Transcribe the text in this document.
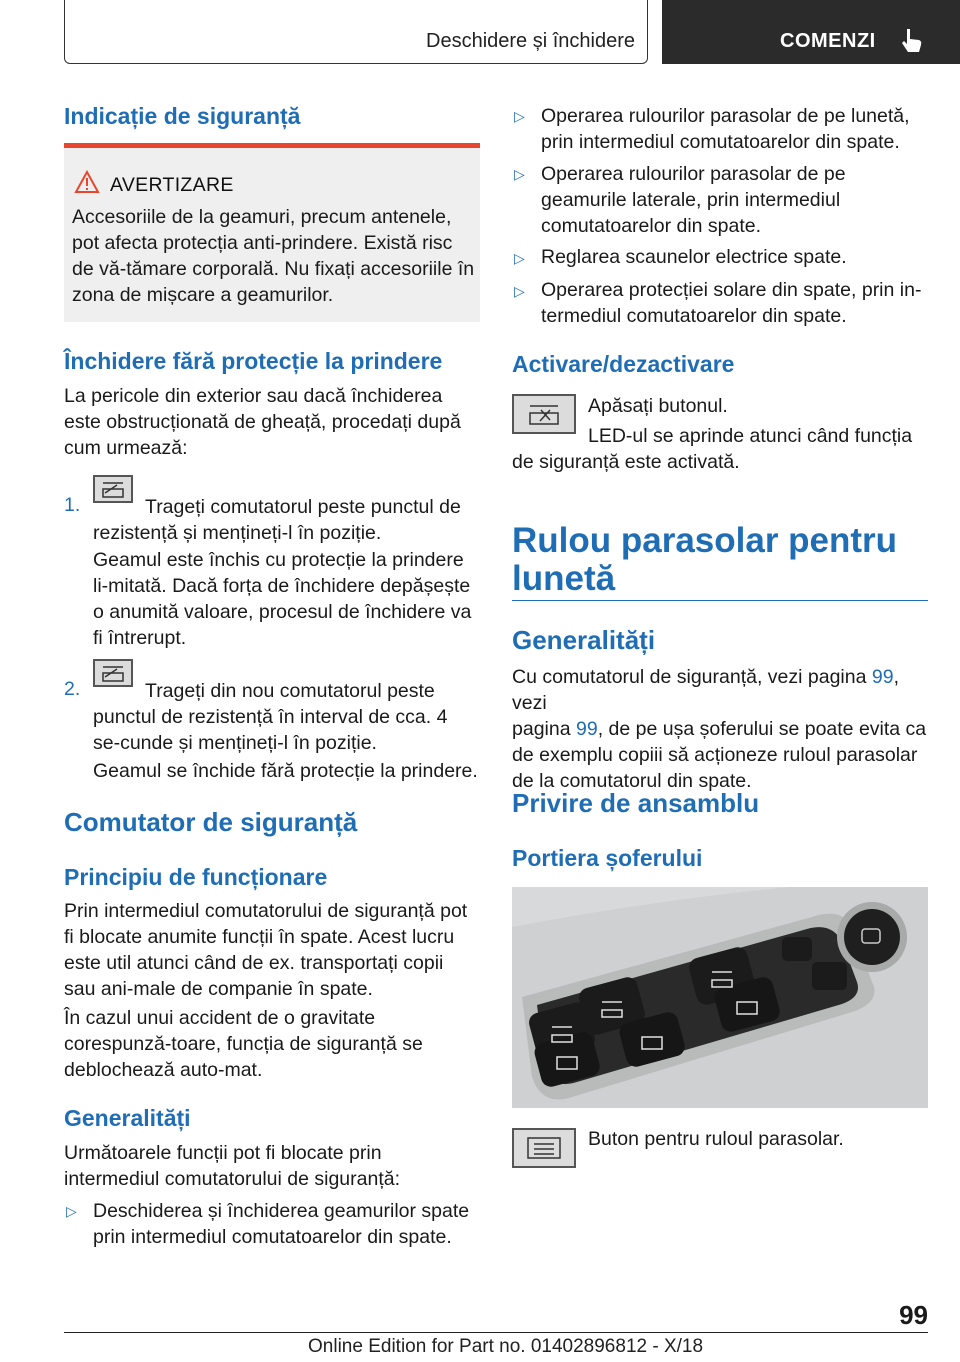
Deschidere și închidere	COMENZI
Indicație de siguranță
AVERTIZARE
Accesoriile de la geamuri, precum antenele, pot afecta protecția anti-prindere. Există risc de vă-tămare corporală. Nu fixați accesoriile în zona de mișcare a geamurilor.
Închidere fără protecție la prindere
La pericole din exterior sau dacă închiderea este obstrucționată de gheață, procedați după cum urmează:
1.	Trageți comutatorul peste punctul de
rezistență și mențineți-l în poziție.
Geamul este închis cu protecție la prindere li-mitată. Dacă forța de închidere depășește o anumită valoare, procesul de închidere va fi întrerupt.
2.	Trageți din nou comutatorul peste
punctul de rezistență în interval de cca. 4 se-cunde și mențineți-l în poziție.
Geamul se închide fără protecție la prindere.
Comutator de siguranță
Principiu de funcționare
Prin intermediul comutatorului de siguranță pot fi blocate anumite funcții în spate. Acest lucru este util atunci când de ex. transportați copii sau ani-male de companie în spate.
În cazul unui accident de o gravitate corespunză-toare, funcția de siguranță se deblochează auto-mat.
Generalități
Următoarele funcții pot fi blocate prin intermediul comutatorului de siguranță:
▷ Deschiderea și închiderea geamurilor spate prin intermediul comutatoarelor din spate.
▷ Operarea rulourilor parasolar de pe lunetă, prin intermediul comutatoarelor din spate.
▷ Operarea rulourilor parasolar de pe geamurile laterale, prin intermediul comutatoarelor din spate.
▷ Reglarea scaunelor electrice spate.
▷ Operarea protecției solare din spate, prin in-termediul comutatoarelor din spate.
Activare/dezactivare
Apăsați butonul.
LED-ul se aprinde atunci când funcția
de siguranță este activată.
Rulou parasolar pentru lunetă
Generalități
Cu comutatorul de siguranță, vezi pagina 99, vezi
pagina 99, de pe ușa șoferului se poate evita ca de exemplu copiii să acționeze ruloul parasolar de la comutatorul din spate.
Privire de ansamblu
Portiera șoferului
Buton pentru ruloul parasolar.
99
Online Edition for Part no. 01402896812 - X/18
